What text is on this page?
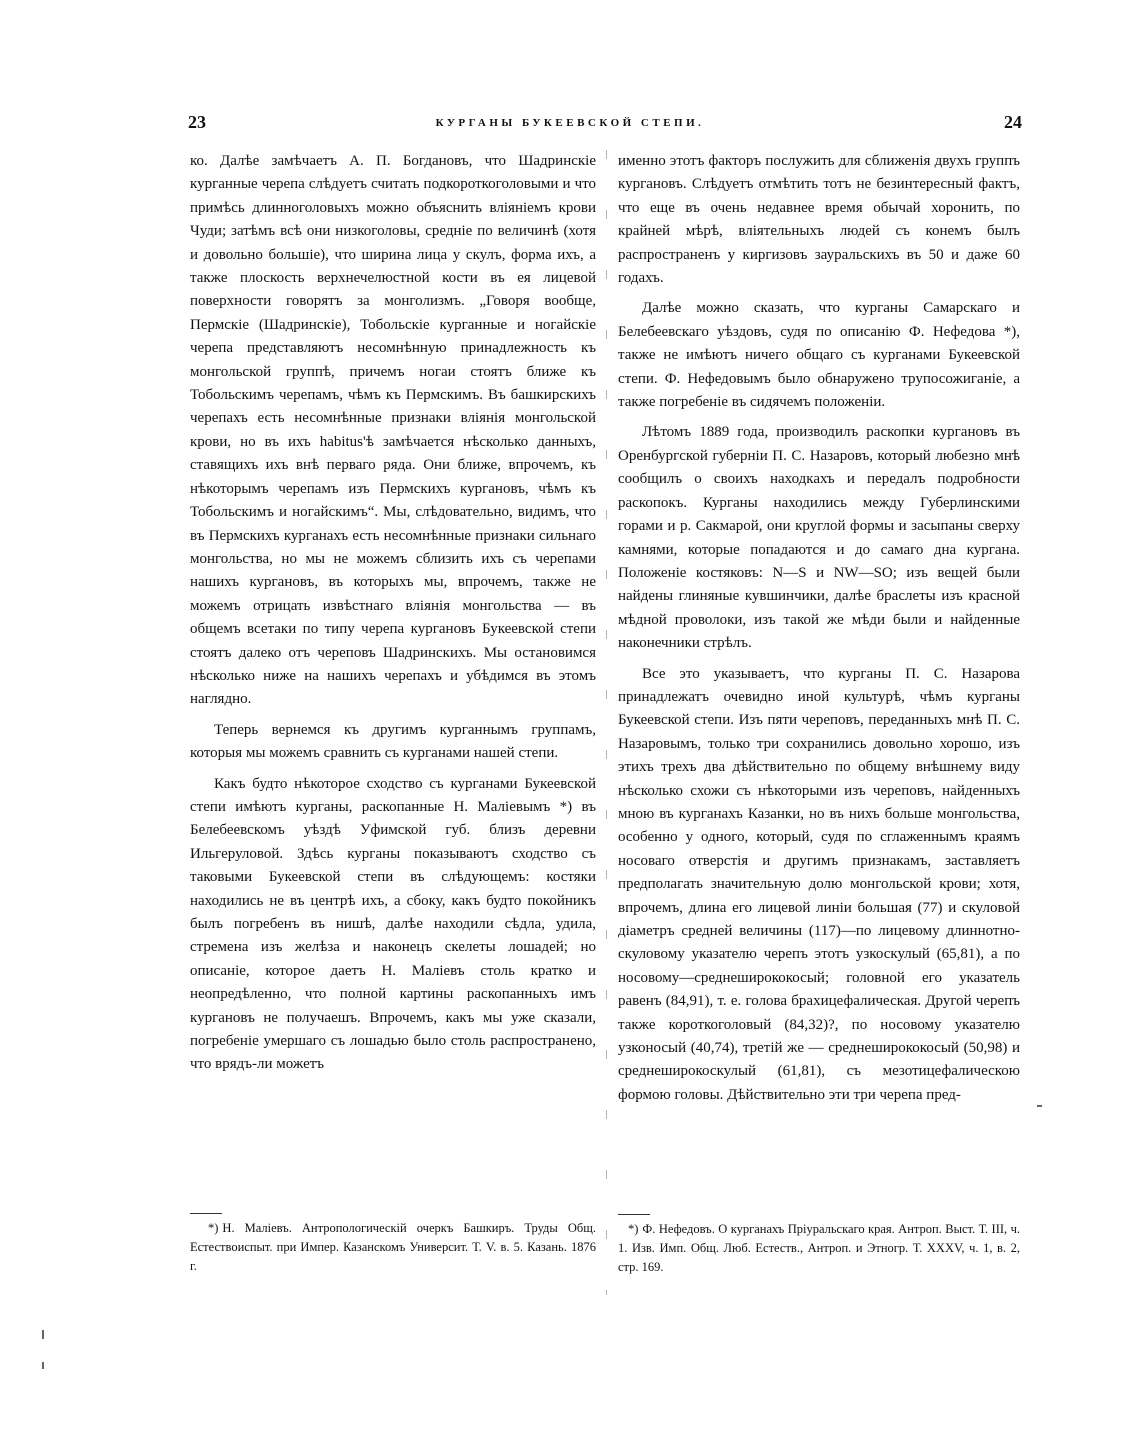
23	КУРГАНЫ БУКЕЕВСКОЙ СТЕПИ.	24

ко. Далѣе замѣчаетъ А. П. Богдановъ, что Шадринскіе курганные черепа слѣдуетъ считать подкороткоголовыми и что примѣсь длинноголовыхъ можно объяснить вліяніемъ крови Чуди; затѣмъ всѣ они низкоголовы, средніе по величинѣ (хотя и довольно большіе), что ширина лица у скулъ, форма ихъ, а также плоскость верхнечелюстной кости въ ея лицевой поверхности говорятъ за монголизмъ. „Говоря вообще, Пермскіе (Шадринскіе), Тобольскіе курганные и ногайскіе черепа представляютъ несомнѣнную принадлежность къ монгольской группѣ, причемъ ногаи стоятъ ближе къ Тобольскимъ черепамъ, чѣмъ къ Пермскимъ. Въ башкирскихъ черепахъ есть несомнѣнные признаки вліянія монгольской крови, но въ ихъ habitus'ѣ замѣчается нѣсколько данныхъ, ставящихъ ихъ внѣ перваго ряда. Они ближе, впрочемъ, къ нѣкоторымъ черепамъ изъ Пермскихъ кургановъ, чѣмъ къ Тобольскимъ и ногайскимъ“. Мы, слѣдовательно, видимъ, что въ Пермскихъ курганахъ есть несомнѣнные признаки сильнаго монгольства, но мы не можемъ сблизить ихъ съ черепами нашихъ кургановъ, въ которыхъ мы, впрочемъ, также не можемъ отрицать извѣстнаго вліянія монгольства — въ общемъ всетаки по типу черепа кургановъ Букеевской степи стоятъ далеко отъ череповъ Шадринскихъ. Мы остановимся нѣсколько ниже на нашихъ черепахъ и убѣдимся въ этомъ наглядно.

Теперь вернемся къ другимъ курганнымъ группамъ, которыя мы можемъ сравнить съ курганами нашей степи.

Какъ будто нѣкоторое сходство съ курганами Букеевской степи имѣютъ курганы, раскопанные Н. Маліевымъ *) въ Белебеевскомъ уѣздѣ Уфимской губ. близъ деревни Ильгеруловой. Здѣсь курганы показываютъ сходство съ таковыми Букеевской степи въ слѣдующемъ: костяки находились не въ центрѣ ихъ, а сбоку, какъ будто покойникъ былъ погребенъ въ нишѣ, далѣе находили сѣдла, удила, стремена изъ желѣза и наконецъ скелеты лошадей; но описаніе, которое даетъ Н. Маліевъ столь кратко и неопредѣленно, что полной картины раскопанныхъ имъ кургановъ не получаешъ. Впрочемъ, какъ мы уже сказали, погребеніе умершаго съ лошадью было столь распространено, что врядъ-ли можетъ

именно этотъ факторъ послужить для сближенія двухъ группъ кургановъ. Слѣдуетъ отмѣтить тотъ не безинтересный фактъ, что еще въ очень недавнее время обычай хоронить, по крайней мѣрѣ, вліятельныхъ людей съ конемъ былъ распространенъ у киргизовъ зауральскихъ въ 50 и даже 60 годахъ.

Далѣе можно сказать, что курганы Самарскаго и Белебеевскаго уѣздовъ, судя по описанію Ф. Нефедова *), также не имѣютъ ничего общаго съ курганами Букеевской степи. Ф. Нефедовымъ было обнаружено трупосожиганіе, а также погребеніе въ сидячемъ положеніи.

Лѣтомъ 1889 года, производилъ раскопки кургановъ въ Оренбургской губерніи П. С. Назаровъ, который любезно мнѣ сообщилъ о своихъ находкахъ и передалъ подробности раскопокъ. Курганы находились между Губерлинскими горами и р. Сакмарой, они круглой формы и засыпаны сверху камнями, которые попадаются и до самаго дна кургана. Положеніе костяковъ: N—S и NW—SO; изъ вещей были найдены глиняные кувшинчики, далѣе браслеты изъ красной мѣдной проволоки, изъ такой же мѣди были и найденные наконечники стрѣлъ.

Все это указываетъ, что курганы П. С. Назарова принадлежатъ очевидно иной культурѣ, чѣмъ курганы Букеевской степи. Изъ пяти череповъ, переданныхъ мнѣ П. С. Назаровымъ, только три сохранились довольно хорошо, изъ этихъ трехъ два дѣйствительно по общему внѣшнему виду нѣсколько схожи съ нѣкоторыми изъ череповъ, найденныхъ мною въ курганахъ Казанки, но въ нихъ больше монгольства, особенно у одного, который, судя по сглаженнымъ краямъ носоваго отверстія и другимъ признакамъ, заставляетъ предполагать значительную долю монгольской крови; хотя, впрочемъ, длина его лицевой линіи большая (77) и скуловой діаметръ средней величины (117)—по лицевому длиннотно-скуловому указателю черепъ этотъ узкоскулый (65,81), а по носовому—среднеширококосый; головной его указатель равенъ (84,91), т. е. голова брахицефалическая. Другой черепъ также короткоголовый (84,32)?, по носовому указателю узконосый (40,74), третій же — среднеширококосый (50,98) и среднеширокоскулый (61,81), съ мезотицефалическою формою головы. Дѣйствительно эти три черепа пред-

*) Н. Маліевъ. Антропологическій очеркъ Башкиръ. Труды Общ. Естествоиспыт. при Импер. Казанскомъ Университ. Т. V. в. 5. Казань. 1876 г.
*) Ф. Нефедовъ. О курганахъ Пріуральскаго края. Антроп. Выст. Т. III, ч. 1. Изв. Имп. Общ. Люб. Естеств., Антроп. и Этногр. Т. XXXV, ч. 1, в. 2, стр. 169.
